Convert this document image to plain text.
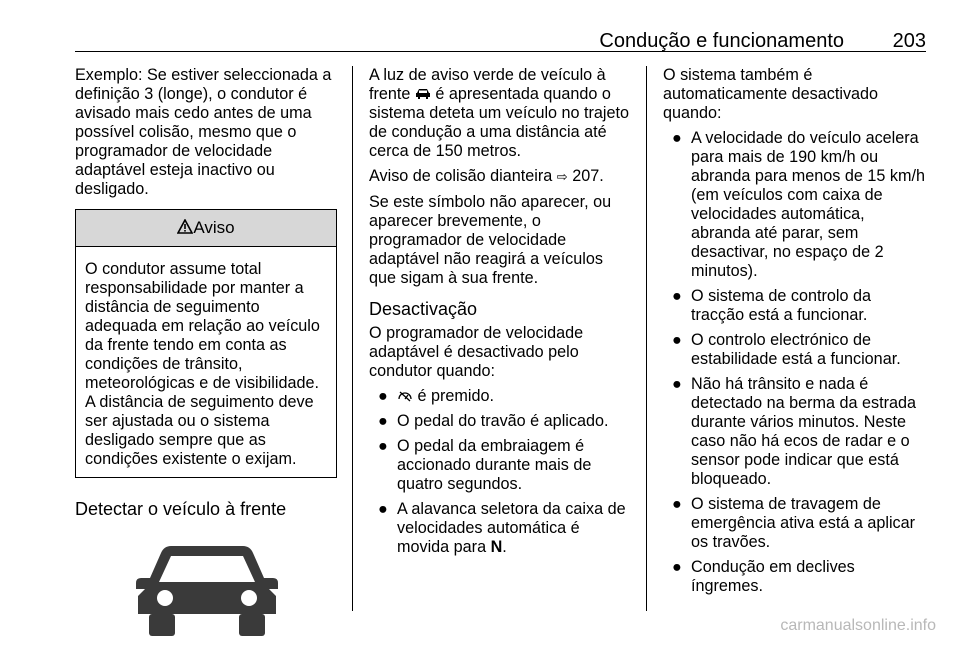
Condução e funcionamento 203

Exemplo: Se estiver seleccionada a definição 3 (longe), o condutor é avisado mais cedo antes de uma possível colisão, mesmo que o programador de velocidade adaptável esteja inactivo ou desligado.

Aviso
O condutor assume total responsabilidade por manter a distância de seguimento adequada em relação ao veículo da frente tendo em conta as condições de trânsito, meteorológicas e de visibilidade.
A distância de seguimento deve ser ajustada ou o sistema desligado sempre que as condições existente o exijam.
Detectar o veículo à frente

A luz de aviso verde de veículo à frente é apresentada quando o sistema deteta um veículo no trajeto de condução a uma distância até cerca de 150 metros.

Aviso de colisão dianteira ⇨ 207.

Se este símbolo não aparecer, ou aparecer brevemente, o programador de velocidade adaptável não reagirá a veículos que sigam à sua frente.

Desactivação

O programador de velocidade adaptável é desactivado pelo condutor quando:

● é premido.
● O pedal do travão é aplicado.
● O pedal da embraiagem é accionado durante mais de quatro segundos.
● A alavanca seletora da caixa de velocidades automática é movida para N.

O sistema também é automaticamente desactivado quando:

● A velocidade do veículo acelera para mais de 190 km/h ou abranda para menos de 15 km/h (em veículos com caixa de velocidades automática, abranda até parar, sem desactivar, no espaço de 2 minutos).
● O sistema de controlo da tracção está a funcionar.
● O controlo electrónico de estabilidade está a funcionar.
● Não há trânsito e nada é detectado na berma da estrada durante vários minutos. Neste caso não há ecos de radar e o sensor pode indicar que está bloqueado.
● O sistema de travagem de emergência ativa está a aplicar os travões.
● Condução em declives íngremes.
carmanualsonline.info
